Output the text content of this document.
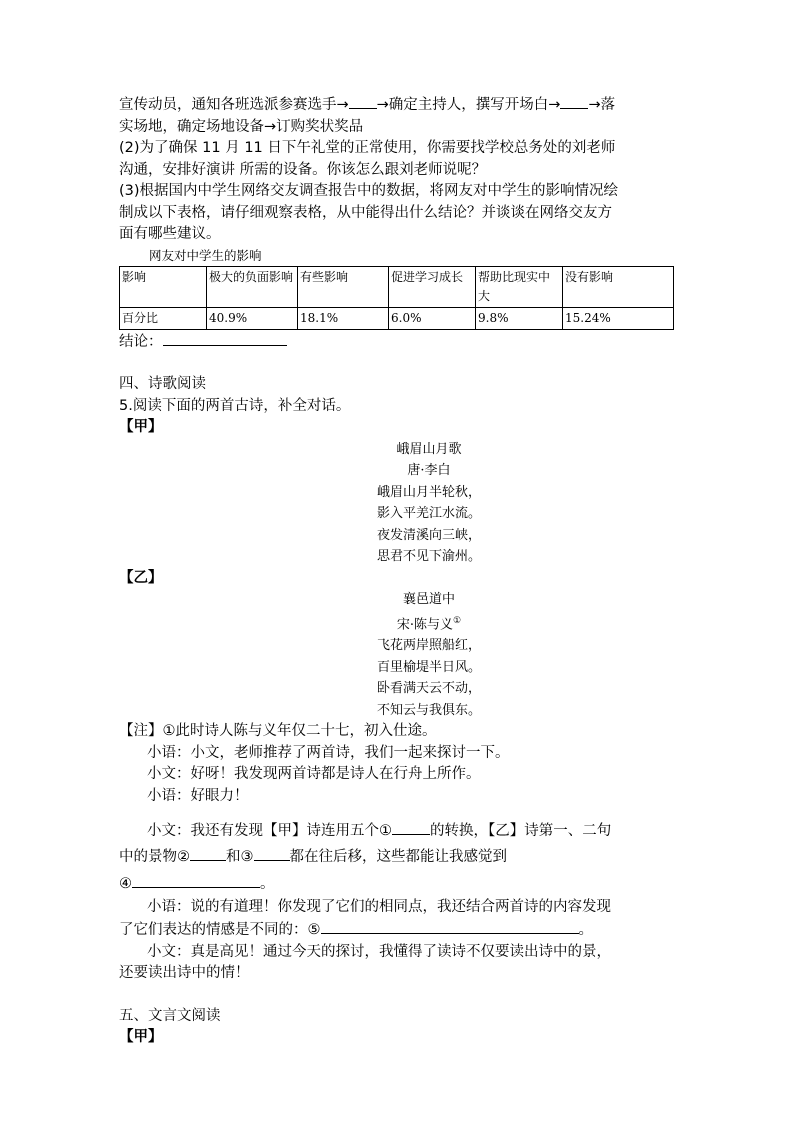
宣传动员，通知各班选派参赛选手→ →确定主持人，撰写开场白→ →落
实场地，确定场地设备→订购奖状奖品
(2)为了确保 11 月 11 日下午礼堂的正常使用，你需要找学校总务处的刘老师
沟通，安排好演讲 所需的设备。你该怎么跟刘老师说呢？
(3)根据国内中学生网络交友调查报告中的数据，将网友对中学生的影响情况绘
制成以下表格，请仔细观察表格，从中能得出什么结论？并谈谈在网络交友方
面有哪些建议。
网友对中学生的影响
影响	极大的负面影响	有些影响	促进学习成长	帮助比现实中大	没有影响
百分比	40.9%	18.1%	6.0%	9.8%	15.24%
结论：
四、诗歌阅读
5.阅读下面的两首古诗，补全对话。
【甲】
峨眉山月歌
唐·李白
峨眉山月半轮秋，
影入平羌江水流。
夜发清溪向三峡，
思君不见下渝州。
【乙】
襄邑道中
宋·陈与义①
飞花两岸照船红，
百里榆堤半日风。
卧看满天云不动，
不知云与我俱东。
【注】①此时诗人陈与义年仅二十七，初入仕途。
小语：小文，老师推荐了两首诗，我们一起来探讨一下。
小文：好呀！我发现两首诗都是诗人在行舟上所作。
小语：好眼力！
小文：我还有发现【甲】诗连用五个①	的转换，【乙】诗第一、二句
中的景物② 和③ 都在往后移，这些都能让我感觉到
④	。
小语：说的有道理！你发现了它们的相同点，我还结合两首诗的内容发现
了它们表达的情感是不同的：⑤	。
小文：真是高见！通过今天的探讨，我懂得了读诗不仅要读出诗中的景，
还要读出诗中的情！
五、文言文阅读
【甲】
